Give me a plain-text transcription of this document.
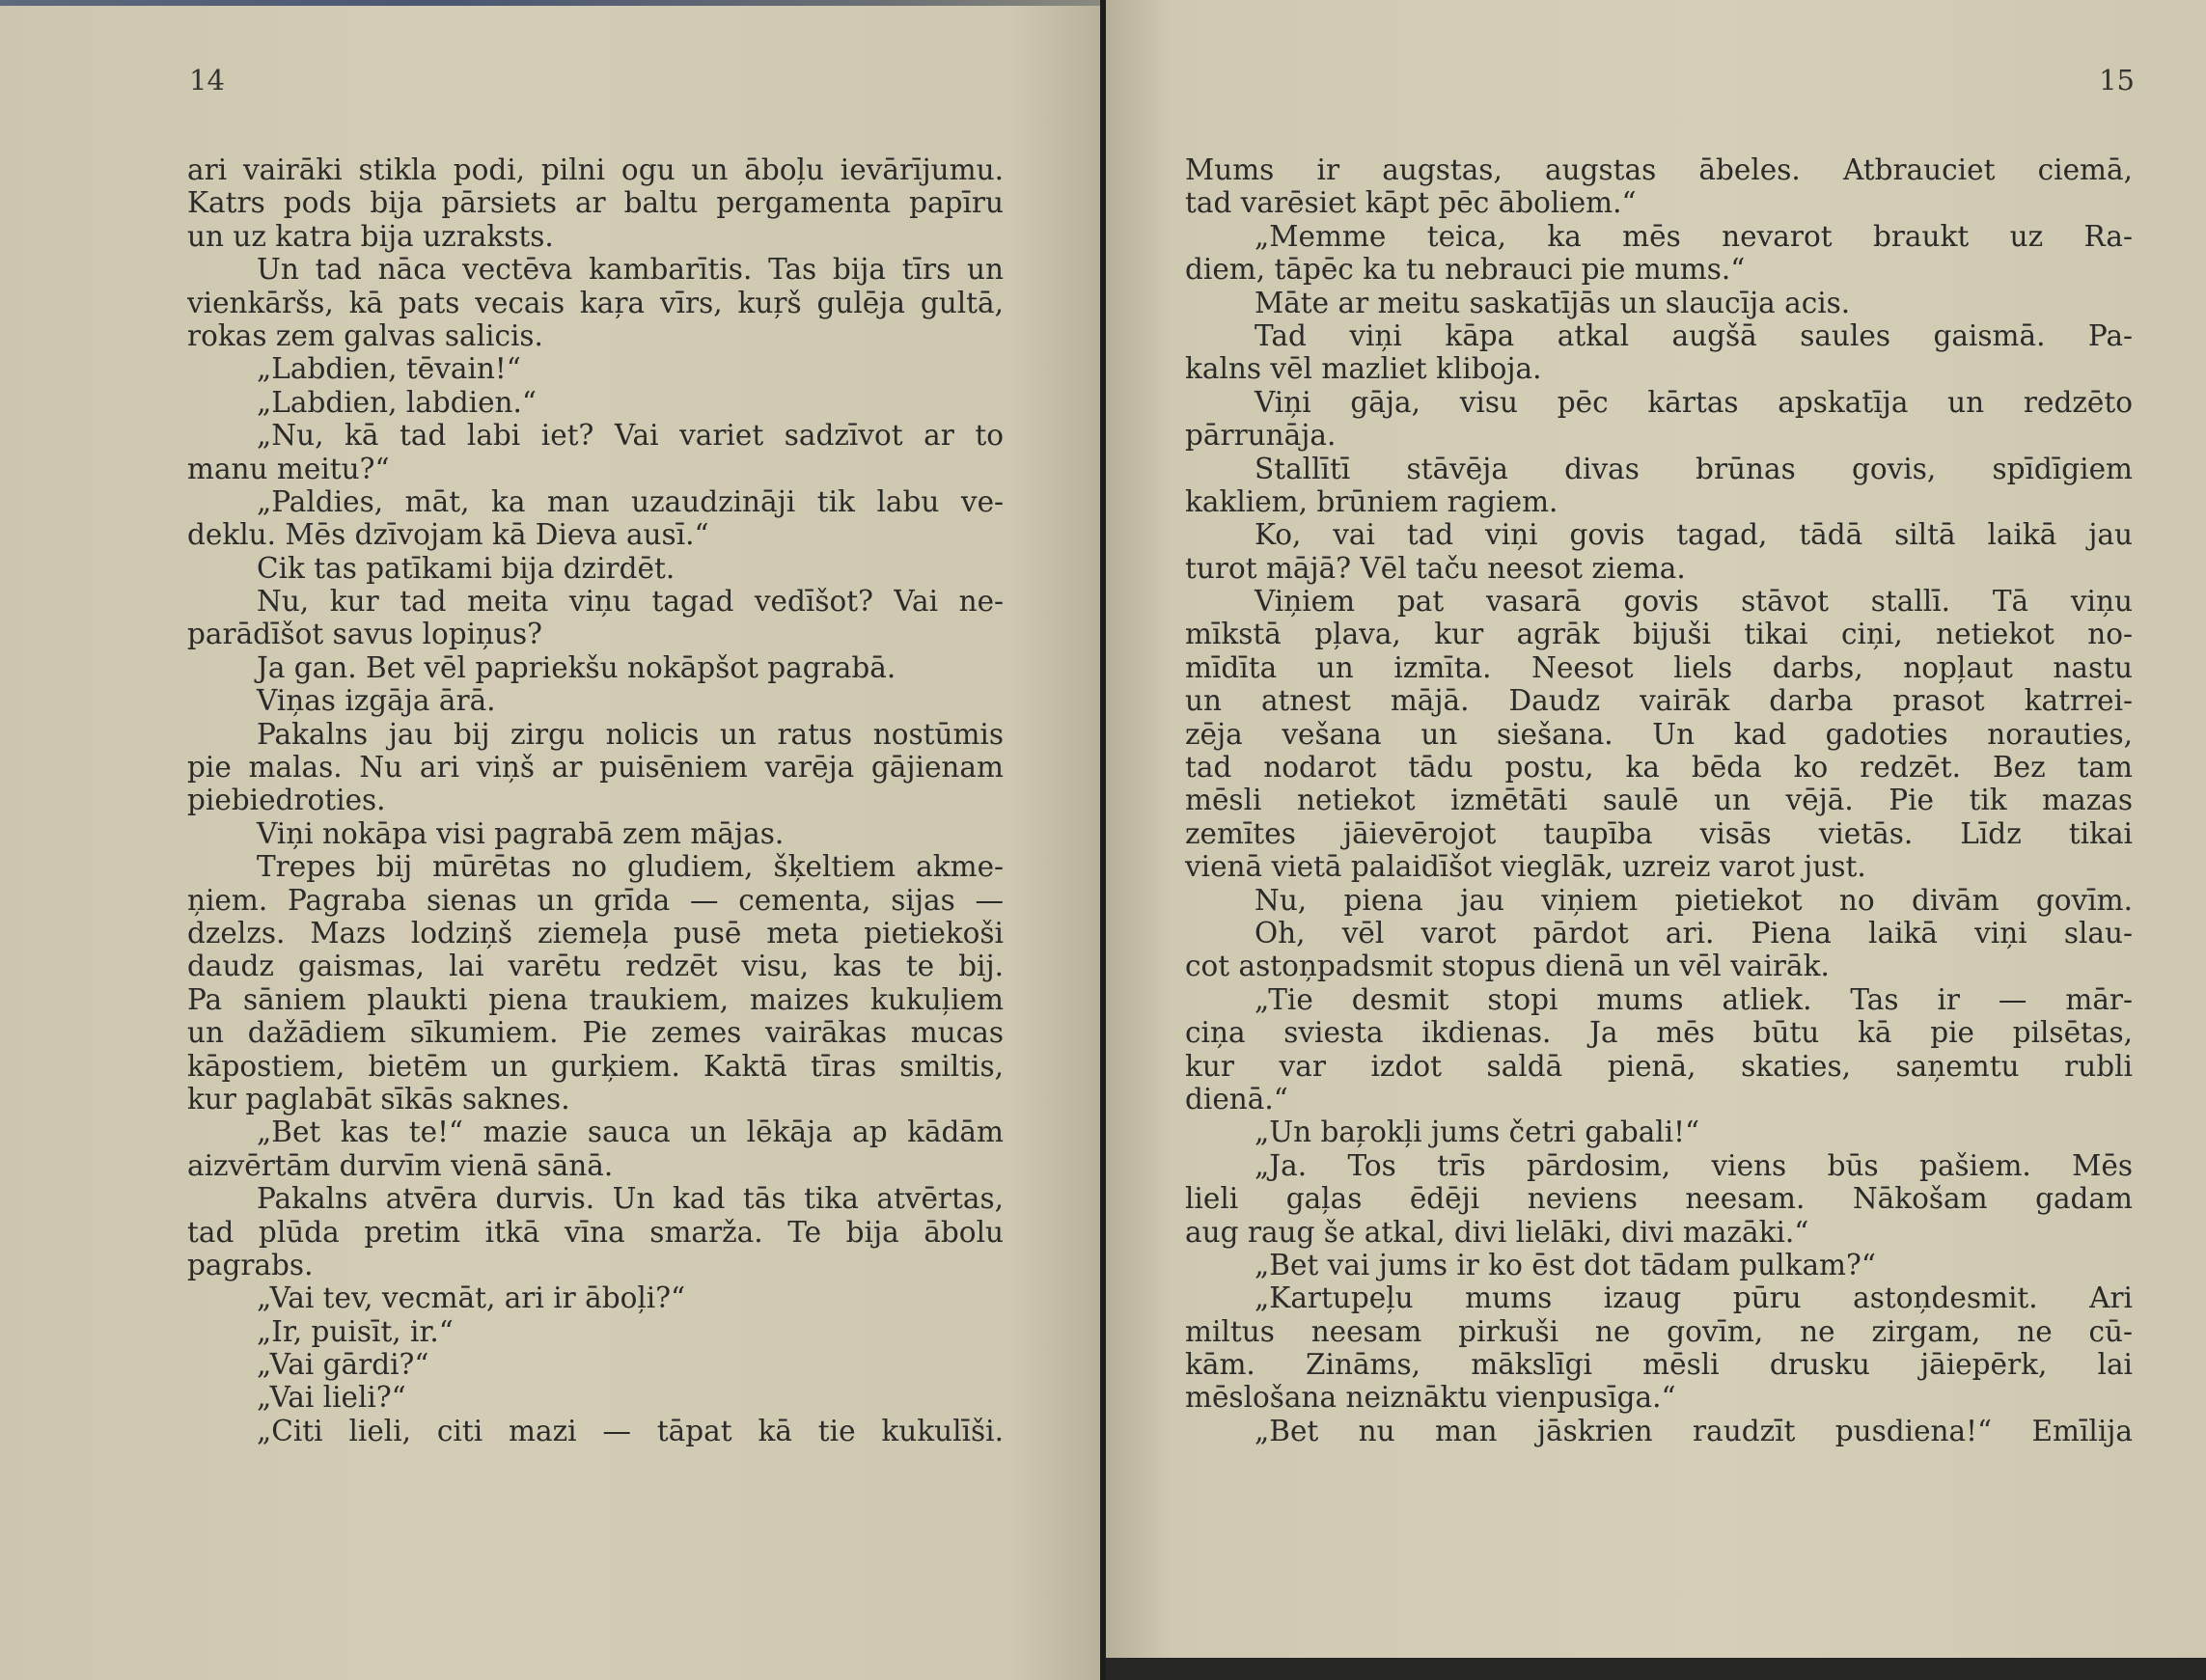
14
ari vairāki stikla podi, pilni ogu un āboļu ievārījumu.
Katrs pods bija pārsiets ar baltu pergamenta papīru
un uz katra bija uzraksts.
Un tad nāca vectēva kambarītis. Tas bija tīrs un
vienkāršs, kā pats vecais kaŗa vīrs, kuŗš gulēja gultā,
rokas zem galvas salicis.
„Labdien, tēvain!“
„Labdien, labdien.“
„Nu, kā tad labi iet? Vai variet sadzīvot ar to
manu meitu?“
„Paldies, māt, ka man uzaudzināji tik labu ve-
deklu. Mēs dzīvojam kā Dieva ausī.“
Cik tas patīkami bija dzirdēt.
Nu, kur tad meita viņu tagad vedīšot? Vai ne-
parādīšot savus lopiņus?
Ja gan. Bet vēl papriekšu nokāpšot pagrabā.
Viņas izgāja ārā.
Pakalns jau bij zirgu nolicis un ratus nostūmis
pie malas. Nu ari viņš ar puisēniem varēja gājienam
piebiedroties.
Viņi nokāpa visi pagrabā zem mājas.
Trepes bij mūrētas no gludiem, šķeltiem akme-
ņiem. Pagraba sienas un grīda — cementa, sijas —
dzelzs. Mazs lodziņš ziemeļa pusē meta pietiekoši
daudz gaismas, lai varētu redzēt visu, kas te bij.
Pa sāniem plaukti piena traukiem, maizes kukuļiem
un dažādiem sīkumiem. Pie zemes vairākas mucas
kāpostiem, bietēm un gurķiem. Kaktā tīras smiltis,
kur paglabāt sīkās saknes.
„Bet kas te!“ mazie sauca un lēkāja ap kādām
aizvērtām durvīm vienā sānā.
Pakalns atvēra durvis. Un kad tās tika atvērtas,
tad plūda pretim itkā vīna smarža. Te bija ābolu
pagrabs.
„Vai tev, vecmāt, ari ir āboļi?“
„Ir, puisīt, ir.“
„Vai gārdi?“
„Vai lieli?“
„Citi lieli, citi mazi — tāpat kā tie kukulīši.
15
Mums ir augstas, augstas ābeles. Atbrauciet ciemā,
tad varēsiet kāpt pēc āboliem.“
„Memme teica, ka mēs nevarot braukt uz Ra-
diem, tāpēc ka tu nebrauci pie mums.“
Māte ar meitu saskatījās un slaucīja acis.
Tad viņi kāpa atkal augšā saules gaismā. Pa-
kalns vēl mazliet kliboja.
Viņi gāja, visu pēc kārtas apskatīja un redzēto
pārrunāja.
Stallītī stāvēja divas brūnas govis, spīdīgiem
kakliem, brūniem ragiem.
Ko, vai tad viņi govis tagad, tādā siltā laikā jau
turot mājā? Vēl taču neesot ziema.
Viņiem pat vasarā govis stāvot stallī. Tā viņu
mīkstā pļava, kur agrāk bijuši tikai ciņi, netiekot no-
mīdīta un izmīta. Neesot liels darbs, nopļaut nastu
un atnest mājā. Daudz vairāk darba prasot katrrei-
zēja vešana un siešana. Un kad gadoties norauties,
tad nodarot tādu postu, ka bēda ko redzēt. Bez tam
mēsli netiekot izmētāti saulē un vējā. Pie tik mazas
zemītes jāievērojot taupība visās vietās. Līdz tikai
vienā vietā palaidīšot vieglāk, uzreiz varot just.
Nu, piena jau viņiem pietiekot no divām govīm.
Oh, vēl varot pārdot ari. Piena laikā viņi slau-
cot astoņpadsmit stopus dienā un vēl vairāk.
„Tie desmit stopi mums atliek. Tas ir — mār-
ciņa sviesta ikdienas. Ja mēs būtu kā pie pilsētas,
kur var izdot saldā pienā, skaties, saņemtu rubli
dienā.“
„Un baŗokļi jums četri gabali!“
„Ja. Tos trīs pārdosim, viens būs pašiem. Mēs
lieli gaļas ēdēji neviens neesam. Nākošam gadam
aug raug še atkal, divi lielāki, divi mazāki.“
„Bet vai jums ir ko ēst dot tādam pulkam?“
„Kartupeļu mums izaug pūru astoņdesmit. Ari
miltus neesam pirkuši ne govīm, ne zirgam, ne cū-
kām. Zināms, mākslīgi mēsli drusku jāiepērk, lai
mēslošana neiznāktu vienpusīga.“
„Bet nu man jāskrien raudzīt pusdiena!“ Emīlija
